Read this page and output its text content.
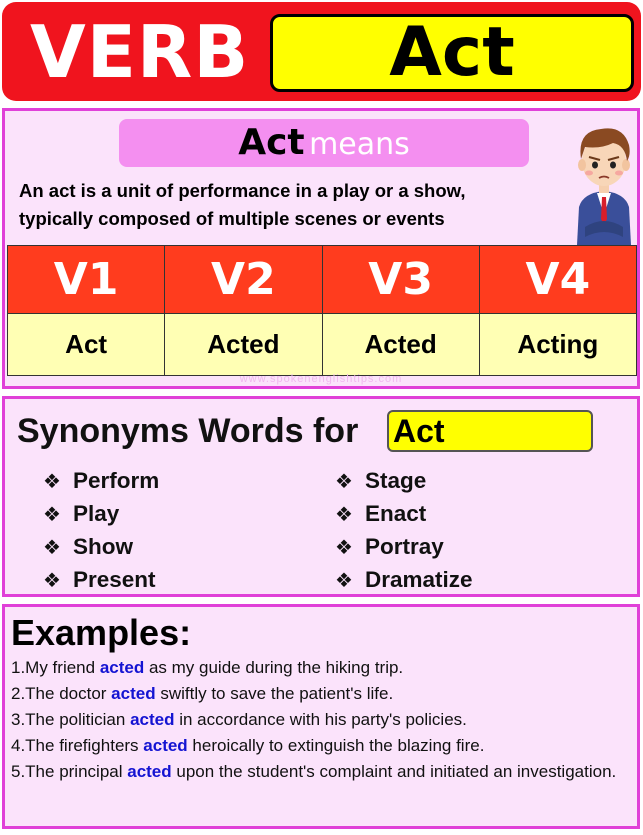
VERB	Act
Act means
An act is a unit of performance in a play or a show,
typically composed of multiple scenes or events
V1	V2	V3	V4
Act	Acted	Acted	Acting
www.spokenenglishtips.com
Synonyms Words for Act
❖ Perform
❖ Play
❖ Show
❖ Present
❖ Stage
❖ Enact
❖ Portray
❖ Dramatize
Examples:
1.My friend acted as my guide during the hiking trip.
2.The doctor acted swiftly to save the patient's life.
3.The politician acted in accordance with his party's policies.
4.The firefighters acted heroically to extinguish the blazing fire.
5.The principal acted upon the student's complaint and initiated an investigation.
